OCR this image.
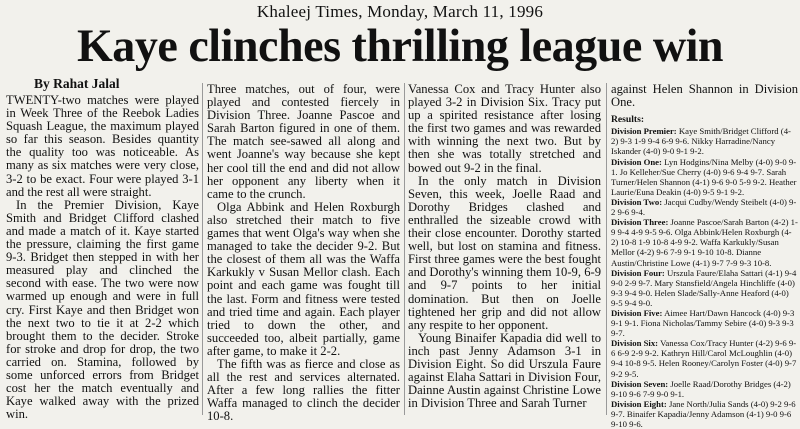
Khaleej Times, Monday, March 11, 1996
Kaye clinches thrilling league win
By Rahat Jalal

TWENTY-two matches were played in Week Three of the Reebok Ladies Squash League, the maximum played so far this season. Besides quantity the quality too was noticeable. As many as six matches were very close, 3-2 to be exact. Four were played 3-1 and the rest all were straight.

In the Premier Division, Kaye Smith and Bridget Clifford clashed and made a match of it. Kaye started the pressure, claiming the first game 9-3. Bridget then stepped in with her measured play and clinched the second with ease. The two were now warmed up enough and were in full cry. First Kaye and then Bridget won the next two to tie it at 2-2 which brought them to the decider. Stroke for stroke and drop for drop, the two carried on. Stamina, followed by some unforced errors from Bridget cost her the match eventually and Kaye walked away with the prized win.

Three matches, out of four, were played and contested fiercely in Division Three. Joanne Pascoe and Sarah Barton figured in one of them. The match see-sawed all along and went Joanne's way because she kept her cool till the end and did not allow her opponent any liberty when it came to the crunch.

Olga Abbink and Helen Roxburgh also stretched their match to five games that went Olga's way when she managed to take the decider 9-2. But the closest of them all was the Waffa Karkukly v Susan Mellor clash. Each point and each game was fought till the last. Form and fitness were tested and tried time and again. Each player tried to down the other, and succeeded too, albeit partially, game after game, to make it 2-2.

The fifth was as fierce and close as all the rest and services alternated. After a few long rallies the fitter Waffa managed to clinch the decider 10-8.

Vanessa Cox and Tracy Hunter also played 3-2 in Division Six. Tracy put up a spirited resistance after losing the first two games and was rewarded with winning the next two. But by then she was totally stretched and bowed out 9-2 in the final.

In the only match in Division Seven, this week, Joelle Raad and Dorothy Bridges clashed and enthralled the sizeable crowd with their close encounter. Dorothy started well, but lost on stamina and fitness. First three games were the best fought and Dorothy's winning them 10-9, 6-9 and 9-7 points to her initial domination. But then on Joelle tightened her grip and did not allow any respite to her opponent.

Young Binaifer Kapadia did well to inch past Jenny Adamson 3-1 in Division Eight. So did Urszula Faure against Elaha Sattari in Division Four, Dainne Austin against Christine Lowe in Division Three and Sarah Turner

against Helen Shannon in Division One.

Results:
Division Premier: Kaye Smith/Bridget Clifford (4-2) 9-3 1-9 9-4 6-9 9-6. Nikky Harradine/Nancy Iskander (4-0) 9-0 9-1 9-2.
Division One: Lyn Hodgins/Nina Melby (4-0) 9-0 9-1. Jo Kelleher/Sue Cherry (4-0) 9-6 9-4 9-7. Sarah Turner/Helen Shannon (4-1) 9-6 9-0 5-9 9-2. Heather Laurie/Euna Deakin (4-0) 9-5 9-1 9-2.
Division Two: Jacqui Cudby/Wendy Steibelt (4-0) 9-2 9-6 9-4.
Division Three: Joanne Pascoe/Sarah Barton (4-2) 1-9 9-4 4-9 9-5 9-6. Olga Abbink/Helen Roxburgh (4-2) 10-8 1-9 10-8 4-9 9-2. Waffa Karkukly/Susan Mellor (4-2) 9-6 7-9 9-1 9-10 10-8. Dianne Austin/Christine Lowe (4-1) 9-7 7-9 9-3 10-8.
Division Four: Urszula Faure/Elaha Sattari (4-1) 9-4 9-0 2-9 9-7. Mary Stansfield/Angela Hinchliffe (4-0) 9-3 9-4 9-0. Helen Slade/Sally-Anne Heaford (4-0) 9-5 9-4 9-0.
Division Five: Aimee Hart/Dawn Hancock (4-0) 9-3 9-1 9-1. Fiona Nicholas/Tammy Sebire (4-0) 9-3 9-3 9-7.
Division Six: Vanessa Cox/Tracy Hunter (4-2) 9-6 9-6 6-9 2-9 9-2. Kathryn Hill/Carol McLoughlin (4-0) 9-4 10-8 9-5. Helen Rooney/Carolyn Foster (4-0) 9-7 9-2 9-5.
Division Seven: Joelle Raad/Dorothy Bridges (4-2) 9-10 9-6 7-9 9-0 9-1.
Division Eight: Jane North/Julia Sands (4-0) 9-2 9-6 9-7. Binaifer Kapadia/Jenny Adamson (4-1) 9-0 9-6 9-10 9-6.
